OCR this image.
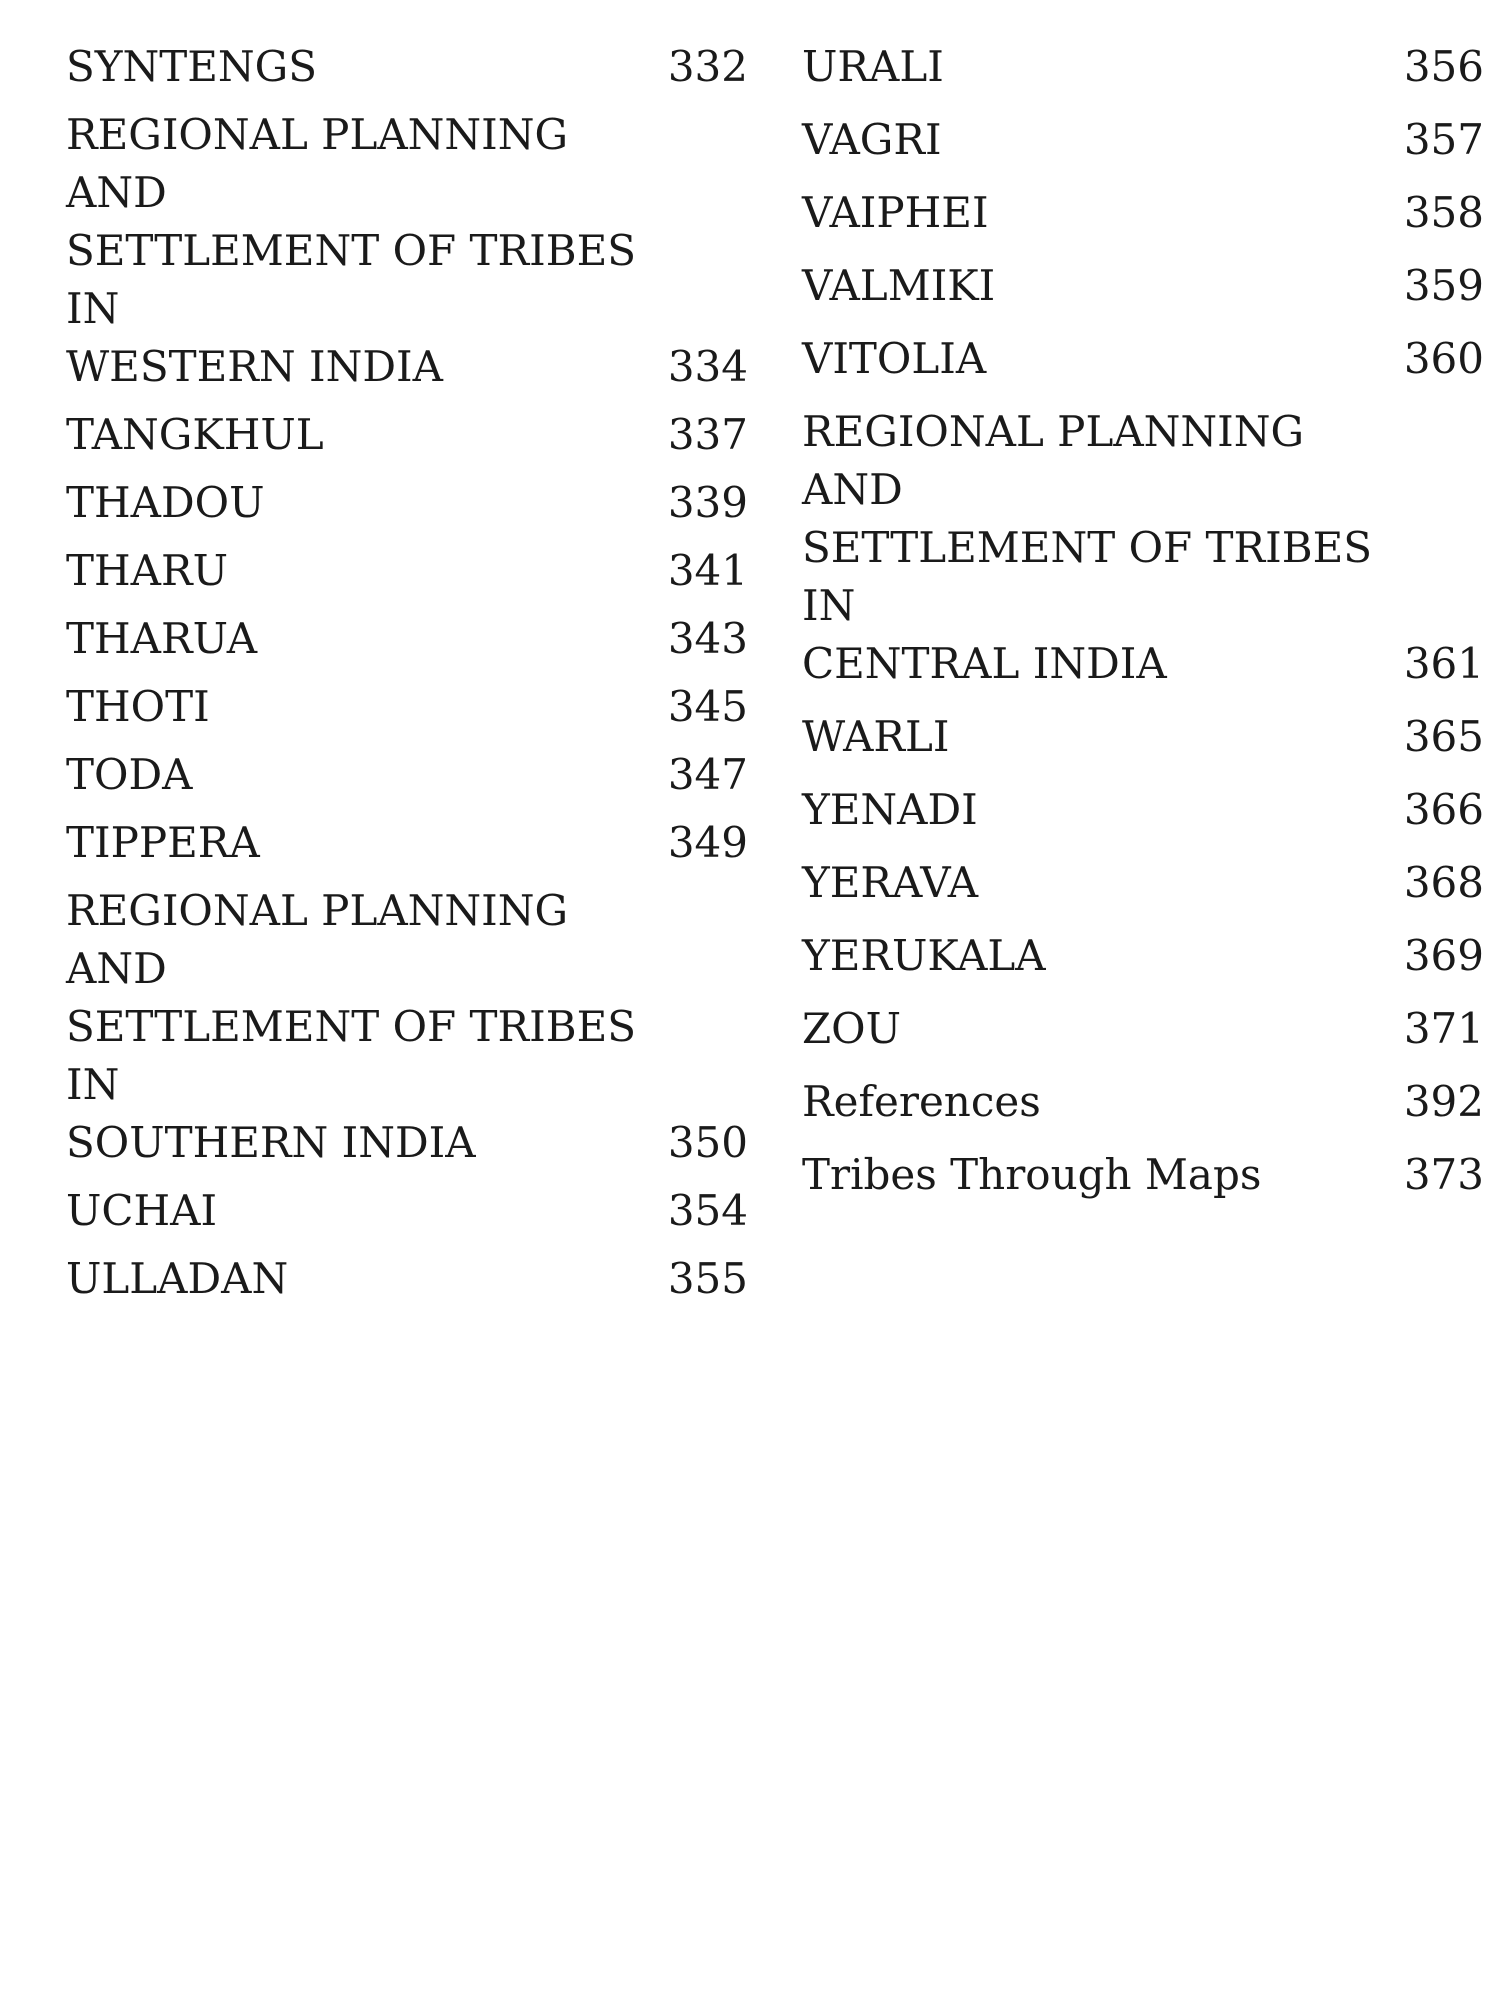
SYNTENGS	332
REGIONAL PLANNING AND
SETTLEMENT OF TRIBES IN
WESTERN INDIA	334
TANGKHUL	337
THADOU	339
THARU	341
THARUA	343
THOTI	345
TODA	347
TIPPERA	349
REGIONAL PLANNING AND
SETTLEMENT OF TRIBES IN
SOUTHERN INDIA	350
UCHAI	354
ULLADAN	355
URALI	356
VAGRI	357
VAIPHEI	358
VALMIKI	359
VITOLIA	360
REGIONAL PLANNING AND
SETTLEMENT OF TRIBES IN
CENTRAL INDIA	361
WARLI	365
YENADI	366
YERAVA	368
YERUKALA	369
ZOU	371
References	392
Tribes Through Maps	373
